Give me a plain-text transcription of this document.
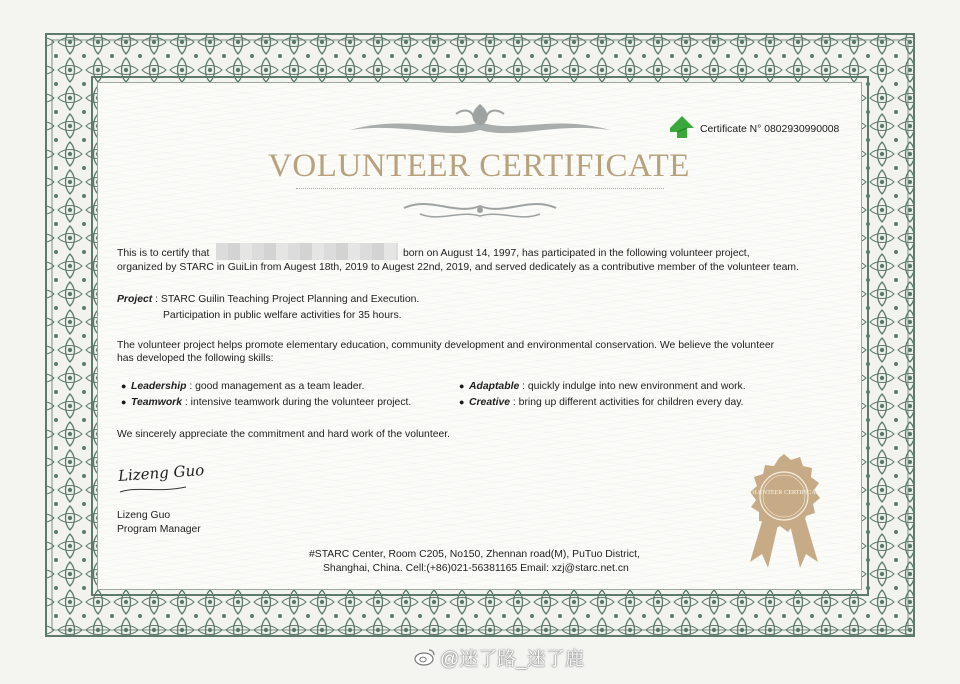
VOLUNTEER CERTIFICATE
Certificate N° 0802930990008
This is to certify that	born on August 14, 1997, has participated in the following volunteer project,
organized by STARC in GuiLin from Augest 18th, 2019 to Augest 22nd, 2019, and served dedicately as a contributive member of the volunteer team.
Project : STARC Guilin Teaching Project Planning and Execution.
Participation in public welfare activities for 35 hours.
The volunteer project helps promote elementary education, community development and environmental conservation. We believe the volunteer
has developed the following skills:
● Leadership : good management as a team leader.
● Teamwork : intensive teamwork during the volunteer project.
● Adaptable : quickly indulge into new environment and work.
● Creative : bring up different activities for children every day.
We sincerely appreciate the commitment and hard work of the volunteer.
Lizeng Guo
Lizeng Guo
Program Manager
#STARC Center, Room C205, No150, Zhennan road(M), PuTuo District,
Shanghai, China. Cell:(+86)021-56381165 Email: xzj@starc.net.cn
VOLUNTEER CERTIFICATE
@迷了路_迷了鹿
